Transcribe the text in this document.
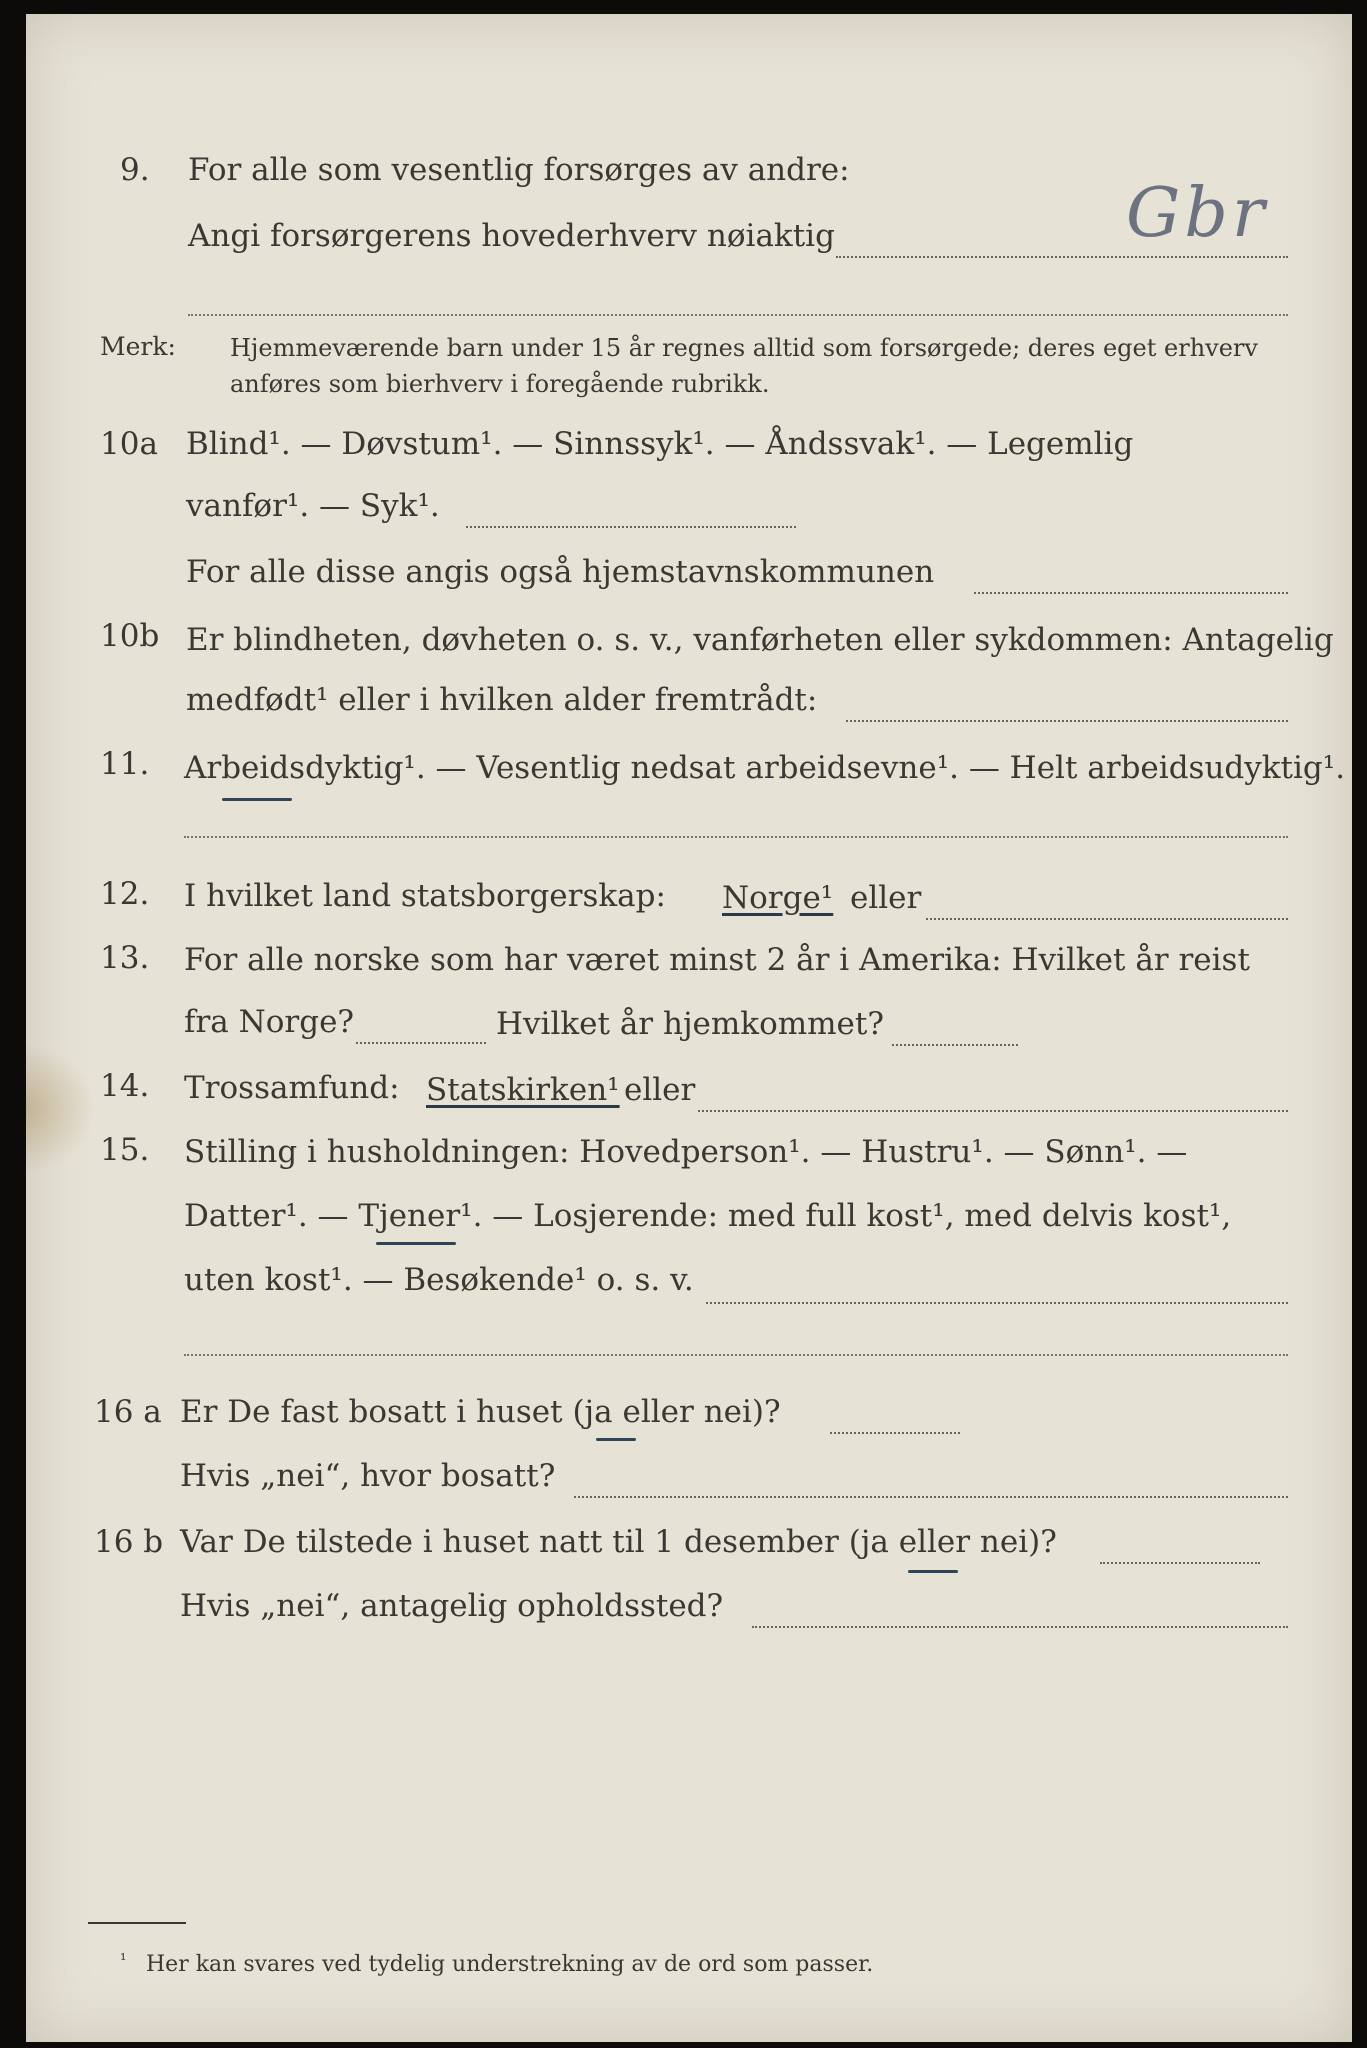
9. For alle som vesentlig forsørges av andre:
Gbr
Angi forsørgerens hovederhverv nøiaktig
Merk: Hjemmeværende barn under 15 år regnes alltid som forsørgede; deres eget erhverv
anføres som bierhverv i foregående rubrikk.
10a Blind¹. — Døvstum¹. — Sinnssyk¹. — Åndssvak¹. — Legemlig
vanfør¹. — Syk¹.
For alle disse angis også hjemstavnskommunen
10b Er blindheten, døvheten o. s. v., vanførheten eller sykdommen: Antagelig
medfødt¹ eller i hvilken alder fremtrådt:
11. Arbeidsdyktig¹. — Vesentlig nedsat arbeidsevne¹. — Helt arbeidsudyktig¹.
12. I hvilket land statsborgerskap: Norge¹ eller
13. For alle norske som har været minst 2 år i Amerika: Hvilket år reist
fra Norge?	Hvilket år hjemkommet?
14. Trossamfund: Statskirken¹ eller
15. Stilling i husholdningen: Hovedperson¹. — Hustru¹. — Sønn¹. —
Datter¹. — Tjener¹. — Losjerende: med full kost¹, med delvis kost¹,
uten kost¹. — Besøkende¹ o. s. v.
16 a Er De fast bosatt i huset (ja eller nei)?
Hvis „nei“, hvor bosatt?
16 b Var De tilstede i huset natt til 1 desember (ja eller nei)?
Hvis „nei“, antagelig opholdssted?
¹ Her kan svares ved tydelig understrekning av de ord som passer.
